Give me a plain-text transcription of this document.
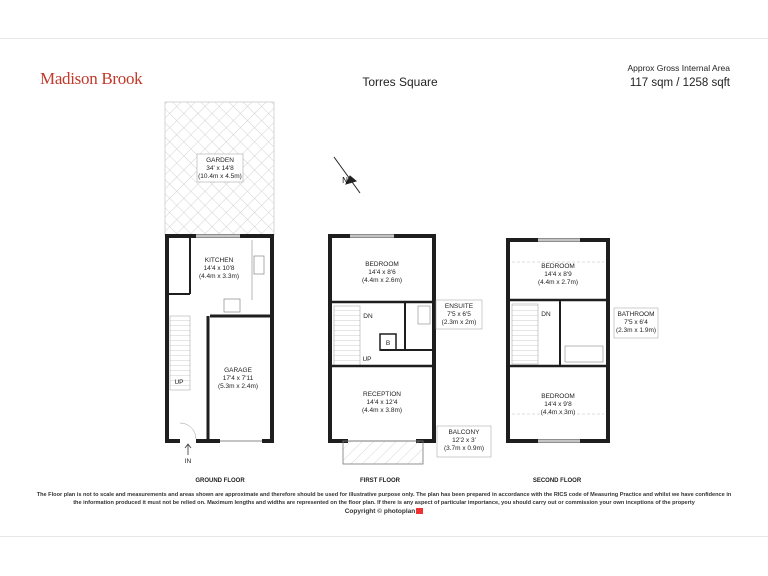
Madison Brook	Torres Square
Approx Gross Internal Area
117 sqm / 1258 sqft
N
GARDEN
34' x 14'8
(10.4m x 4.5m)
KITCHEN
14'4 x 10'8
(4.4m x 3.3m)
GARAGE
17'4 x 7'11
(5.3m x 2.4m)
UP
IN
BEDROOM
14'4 x 8'6
(4.4m x 2.6m)
ENSUITE
7'5 x 6'5
(2.3m x 2m)
DN
UP
B
RECEPTION
14'4 x 12'4
(4.4m x 3.8m)
BALCONY
12'2 x 3'
(3.7m x 0.9m)
BEDROOM
14'4 x 8'9
(4.4m x 2.7m)
BATHROOM
7'5 x 6'4
(2.3m x 1.9m)
DN
BEDROOM
14'4 x 9'8
(4.4m x 3m)
GROUND FLOOR	FIRST FLOOR	SECOND FLOOR
The Floor plan is not to scale and measurements and areas shown are approximate and therefore should be used for illustrative purpose only. The plan has been prepared in accordance with the RICS code of Measuring Practice and whilst we have confidence in the information produced it must not be relied on. Maximum lengths and widths are represented on the floor plan. If there is any aspect of particular importance, you should carry out or commission your own inceptions of the property
Copyright © photoplan
